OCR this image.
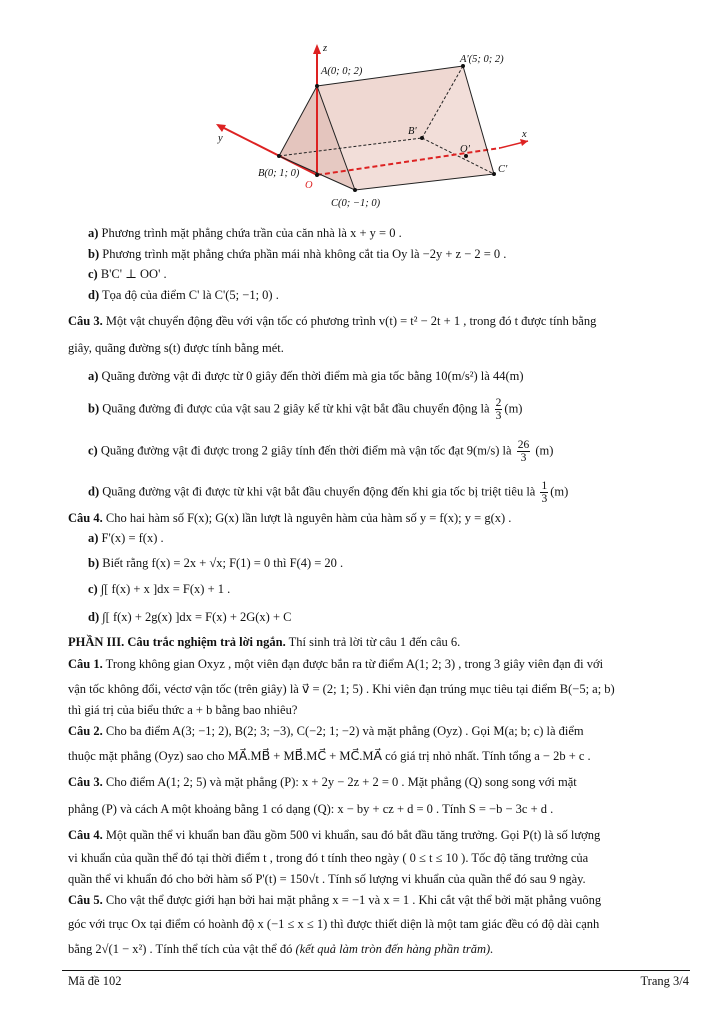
z
y	x
A(0; 0; 2)
A'(5; 0; 2)
B(0; 1; 0)
B'
O
O'
C(0; −1; 0)
C'
a) Phương trình mặt phẳng chứa trần của căn nhà là x + y = 0 .
b) Phương trình mặt phẳng chứa phần mái nhà không cắt tia Oy là −2y + z − 2 = 0 .
c) B'C' ⊥ OO' .
d) Tọa độ của điểm C' là C'(5; −1; 0) .
Câu 3. Một vật chuyển động đều với vận tốc có phương trình v(t) = t² − 2t + 1 , trong đó t được tính bằng
giây, quãng đường s(t) được tính bằng mét.
a) Quãng đường vật đi được từ 0 giây đến thời điểm mà gia tốc bằng 10(m/s²) là 44(m)
b) Quãng đường đi được của vật sau 2 giây kể từ khi vật bắt đầu chuyển động là $\frac{2}{3} (m)$
c) Quãng đường vật đi được trong 2 giây tính đến thời điểm mà vận tốc đạt 9(m/s) là $\frac{26}{3} (m)$
d) Quãng đường vật đi được từ khi vật bắt đầu chuyển động đến khi gia tốc bị triệt tiêu là $\frac{1}{3} (m)$
Câu 4. Cho hai hàm số F(x); G(x) lần lượt là nguyên hàm của hàm số y = f(x); y = g(x) .
a) F'(x) = f(x) .
b) Biết rằng f(x) = 2x + √x; F(1) = 0 thì F(4) = 20 .
c) ∫[ f(x) + x ]dx = F(x) + 1 .
d) ∫[ f(x) + 2g(x) ]dx = F(x) + 2G(x) + C
PHẦN III. Câu trắc nghiệm trả lời ngắn. Thí sinh trả lời từ câu 1 đến câu 6.
Câu 1. Trong không gian Oxyz , một viên đạn được bắn ra từ điểm A(1; 2; 3) , trong 3 giây viên đạn đi với
vận tốc không đổi, véctơ vận tốc (trên giây) là v⃗ = (2; 1; 5) . Khi viên đạn trúng mục tiêu tại điểm B(−5; a; b)
thì giá trị của biểu thức a + b bằng bao nhiêu?
Câu 2. Cho ba điểm A(3; −1; 2), B(2; 3; −3), C(−2; 1; −2) và mặt phẳng (Oyz) . Gọi M(a; b; c) là điểm
thuộc mặt phẳng (Oyz) sao cho MA⃗.MB⃗ + MB⃗.MC⃗ + MC⃗.MA⃗ có giá trị nhỏ nhất. Tính tổng a − 2b + c .
Câu 3. Cho điểm A(1; 2; 5) và mặt phẳng (P): x + 2y − 2z + 2 = 0 . Mặt phẳng (Q) song song với mặt
phẳng (P) và cách A một khoảng bằng 1 có dạng (Q): x − by + cz + d = 0 . Tính S = −b − 3c + d .
Câu 4. Một quần thể vi khuẩn ban đầu gồm 500 vi khuẩn, sau đó bắt đầu tăng trưởng. Gọi P(t) là số lượng
vi khuẩn của quần thể đó tại thời điểm t , trong đó t tính theo ngày ( 0 ≤ t ≤ 10 ). Tốc độ tăng trưởng của
quần thể vi khuẩn đó cho bởi hàm số P'(t) = 150√t . Tính số lượng vi khuẩn của quần thể đó sau 9 ngày.
Câu 5. Cho vật thể được giới hạn bởi hai mặt phẳng x = −1 và x = 1 . Khi cắt vật thể bởi mặt phẳng vuông
góc với trục Ox tại điểm có hoành độ x (−1 ≤ x ≤ 1) thì được thiết diện là một tam giác đều có độ dài cạnh
bằng 2√(1 − x²) . Tính thể tích của vật thể đó (kết quả làm tròn đến hàng phần trăm).
Mã đề 102	Trang 3/4
